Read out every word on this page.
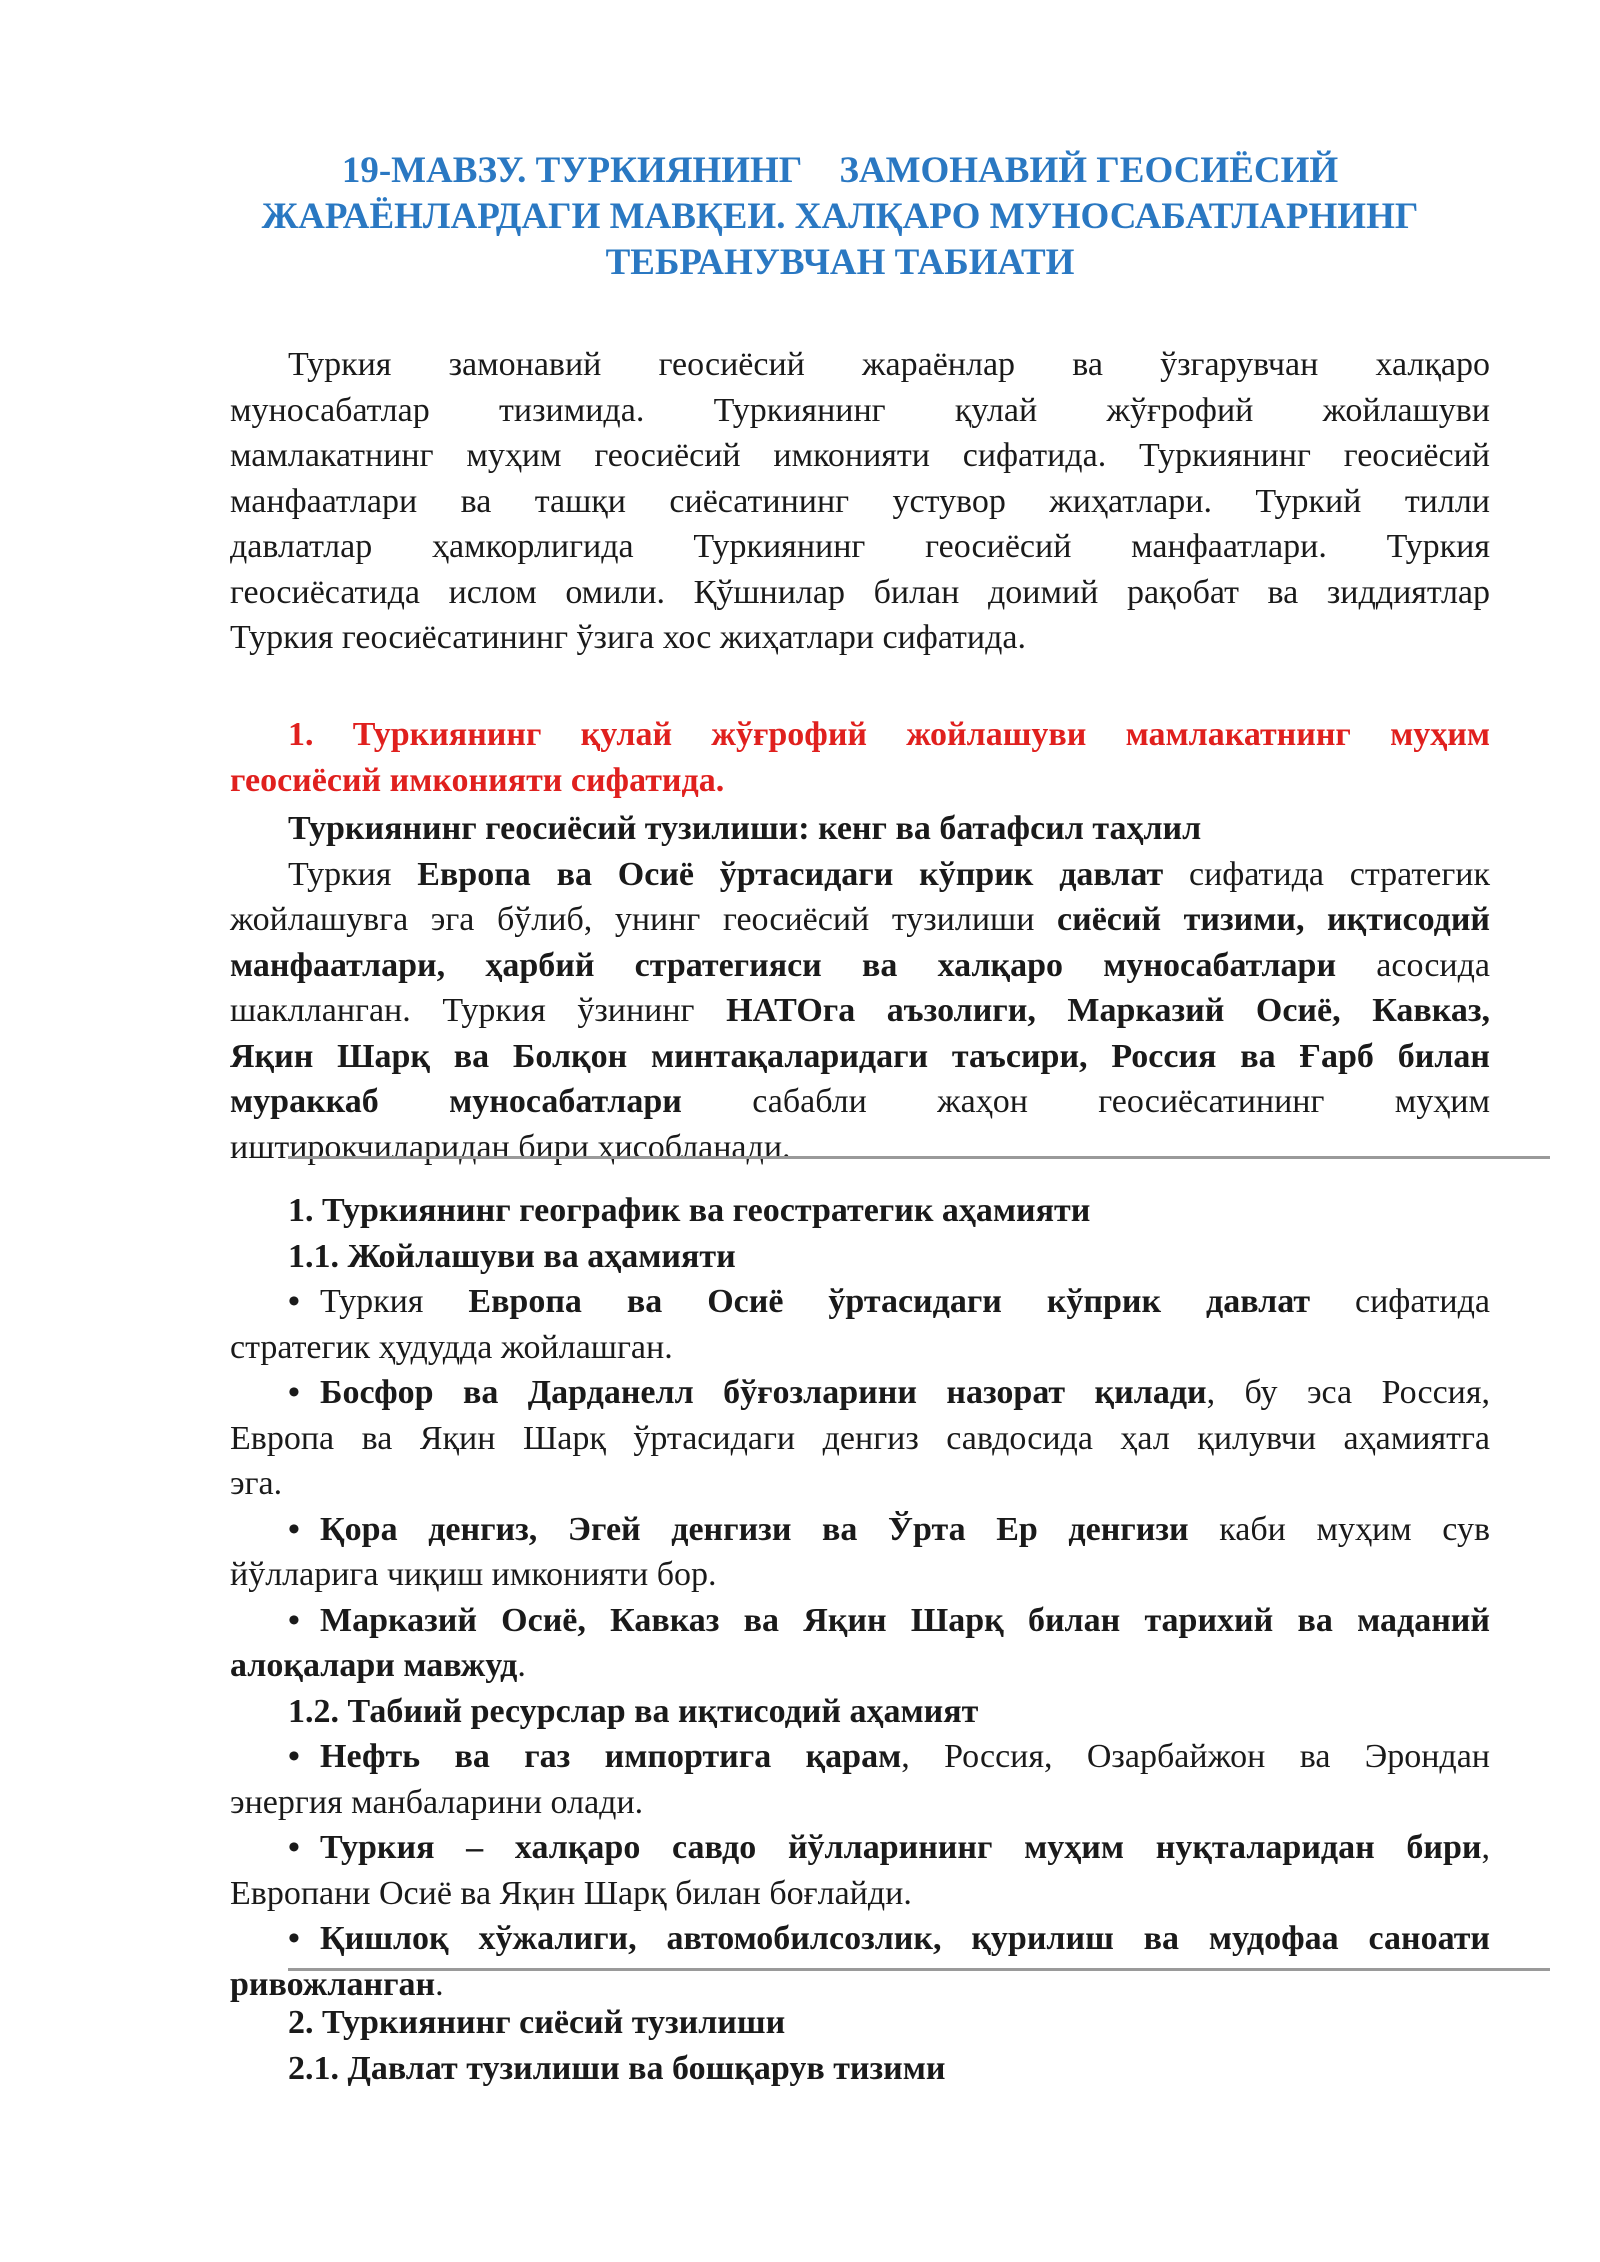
19-МАВЗУ. ТУРКИЯНИНГ    ЗАМОНАВИЙ ГЕОСИЁСИЙ
ЖАРАЁНЛАРДАГИ МАВҚЕИ. ХАЛҚАРО МУНОСАБАТЛАРНИНГ
ТЕБРАНУВЧАН ТАБИАТИ
Туркия замонавий геосиёсий жараёнлар ва ўзгарувчан халқаро
муносабатлар тизимида. Туркиянинг қулай жўғрофий жойлашуви
мамлакатнинг муҳим геосиёсий имконияти сифатида. Туркиянинг геосиёсий
манфаатлари ва ташқи сиёсатининг устувор жиҳатлари. Туркий тилли
давлатлар ҳамкорлигида Туркиянинг геосиёсий манфаатлари. Туркия
геосиёсатида ислом омили. Қўшнилар билан доимий рақобат ва зиддиятлар
Туркия геосиёсатининг ўзига хос жиҳатлари сифатида.
1. Туркиянинг қулай жўғрофий жойлашуви мамлакатнинг муҳим
геосиёсий имконияти сифатида.
Туркиянинг геосиёсий тузилиши: кенг ва батафсил таҳлил
Туркия Европа ва Осиё ўртасидаги кўприк давлат сифатида стратегик
жойлашувга эга бўлиб, унинг геосиёсий тузилиши сиёсий тизими, иқтисодий
манфаатлари, ҳарбий стратегияси ва халқаро муносабатлари асосида
шаклланган. Туркия ўзининг НАТОга аъзолиги, Марказий Осиё, Кавказ,
Яқин Шарқ ва Болқон минтақаларидаги таъсири, Россия ва Ғарб билан
мураккаб муносабатлари сабабли жаҳон геосиёсатининг муҳим
иштирокчиларидан бири ҳисобланади.
1. Туркиянинг географик ва геостратегик аҳамияти
1.1. Жойлашуви ва аҳамияти
• Туркия Европа ва Осиё ўртасидаги кўприк давлат сифатида
стратегик ҳудудда жойлашган.
• Босфор ва Дарданелл бўғозларини назорат қилади, бу эса Россия,
Европа ва Яқин Шарқ ўртасидаги денгиз савдосида ҳал қилувчи аҳамиятга
эга.
• Қора денгиз, Эгей денгизи ва Ўрта Ер денгизи каби муҳим сув
йўлларига чиқиш имконияти бор.
• Марказий Осиё, Кавказ ва Яқин Шарқ билан тарихий ва маданий
алоқалари мавжуд.
1.2. Табиий ресурслар ва иқтисодий аҳамият
• Нефть ва газ импортига қарам, Россия, Озарбайжон ва Эрондан
энергия манбаларини олади.
• Туркия – халқаро савдо йўлларининг муҳим нуқталаридан бири,
Европани Осиё ва Яқин Шарқ билан боғлайди.
• Қишлоқ хўжалиги, автомобилсозлик, қурилиш ва мудофаа саноати
ривожланган.
2. Туркиянинг сиёсий тузилиши
2.1. Давлат тузилиши ва бошқарув тизими
